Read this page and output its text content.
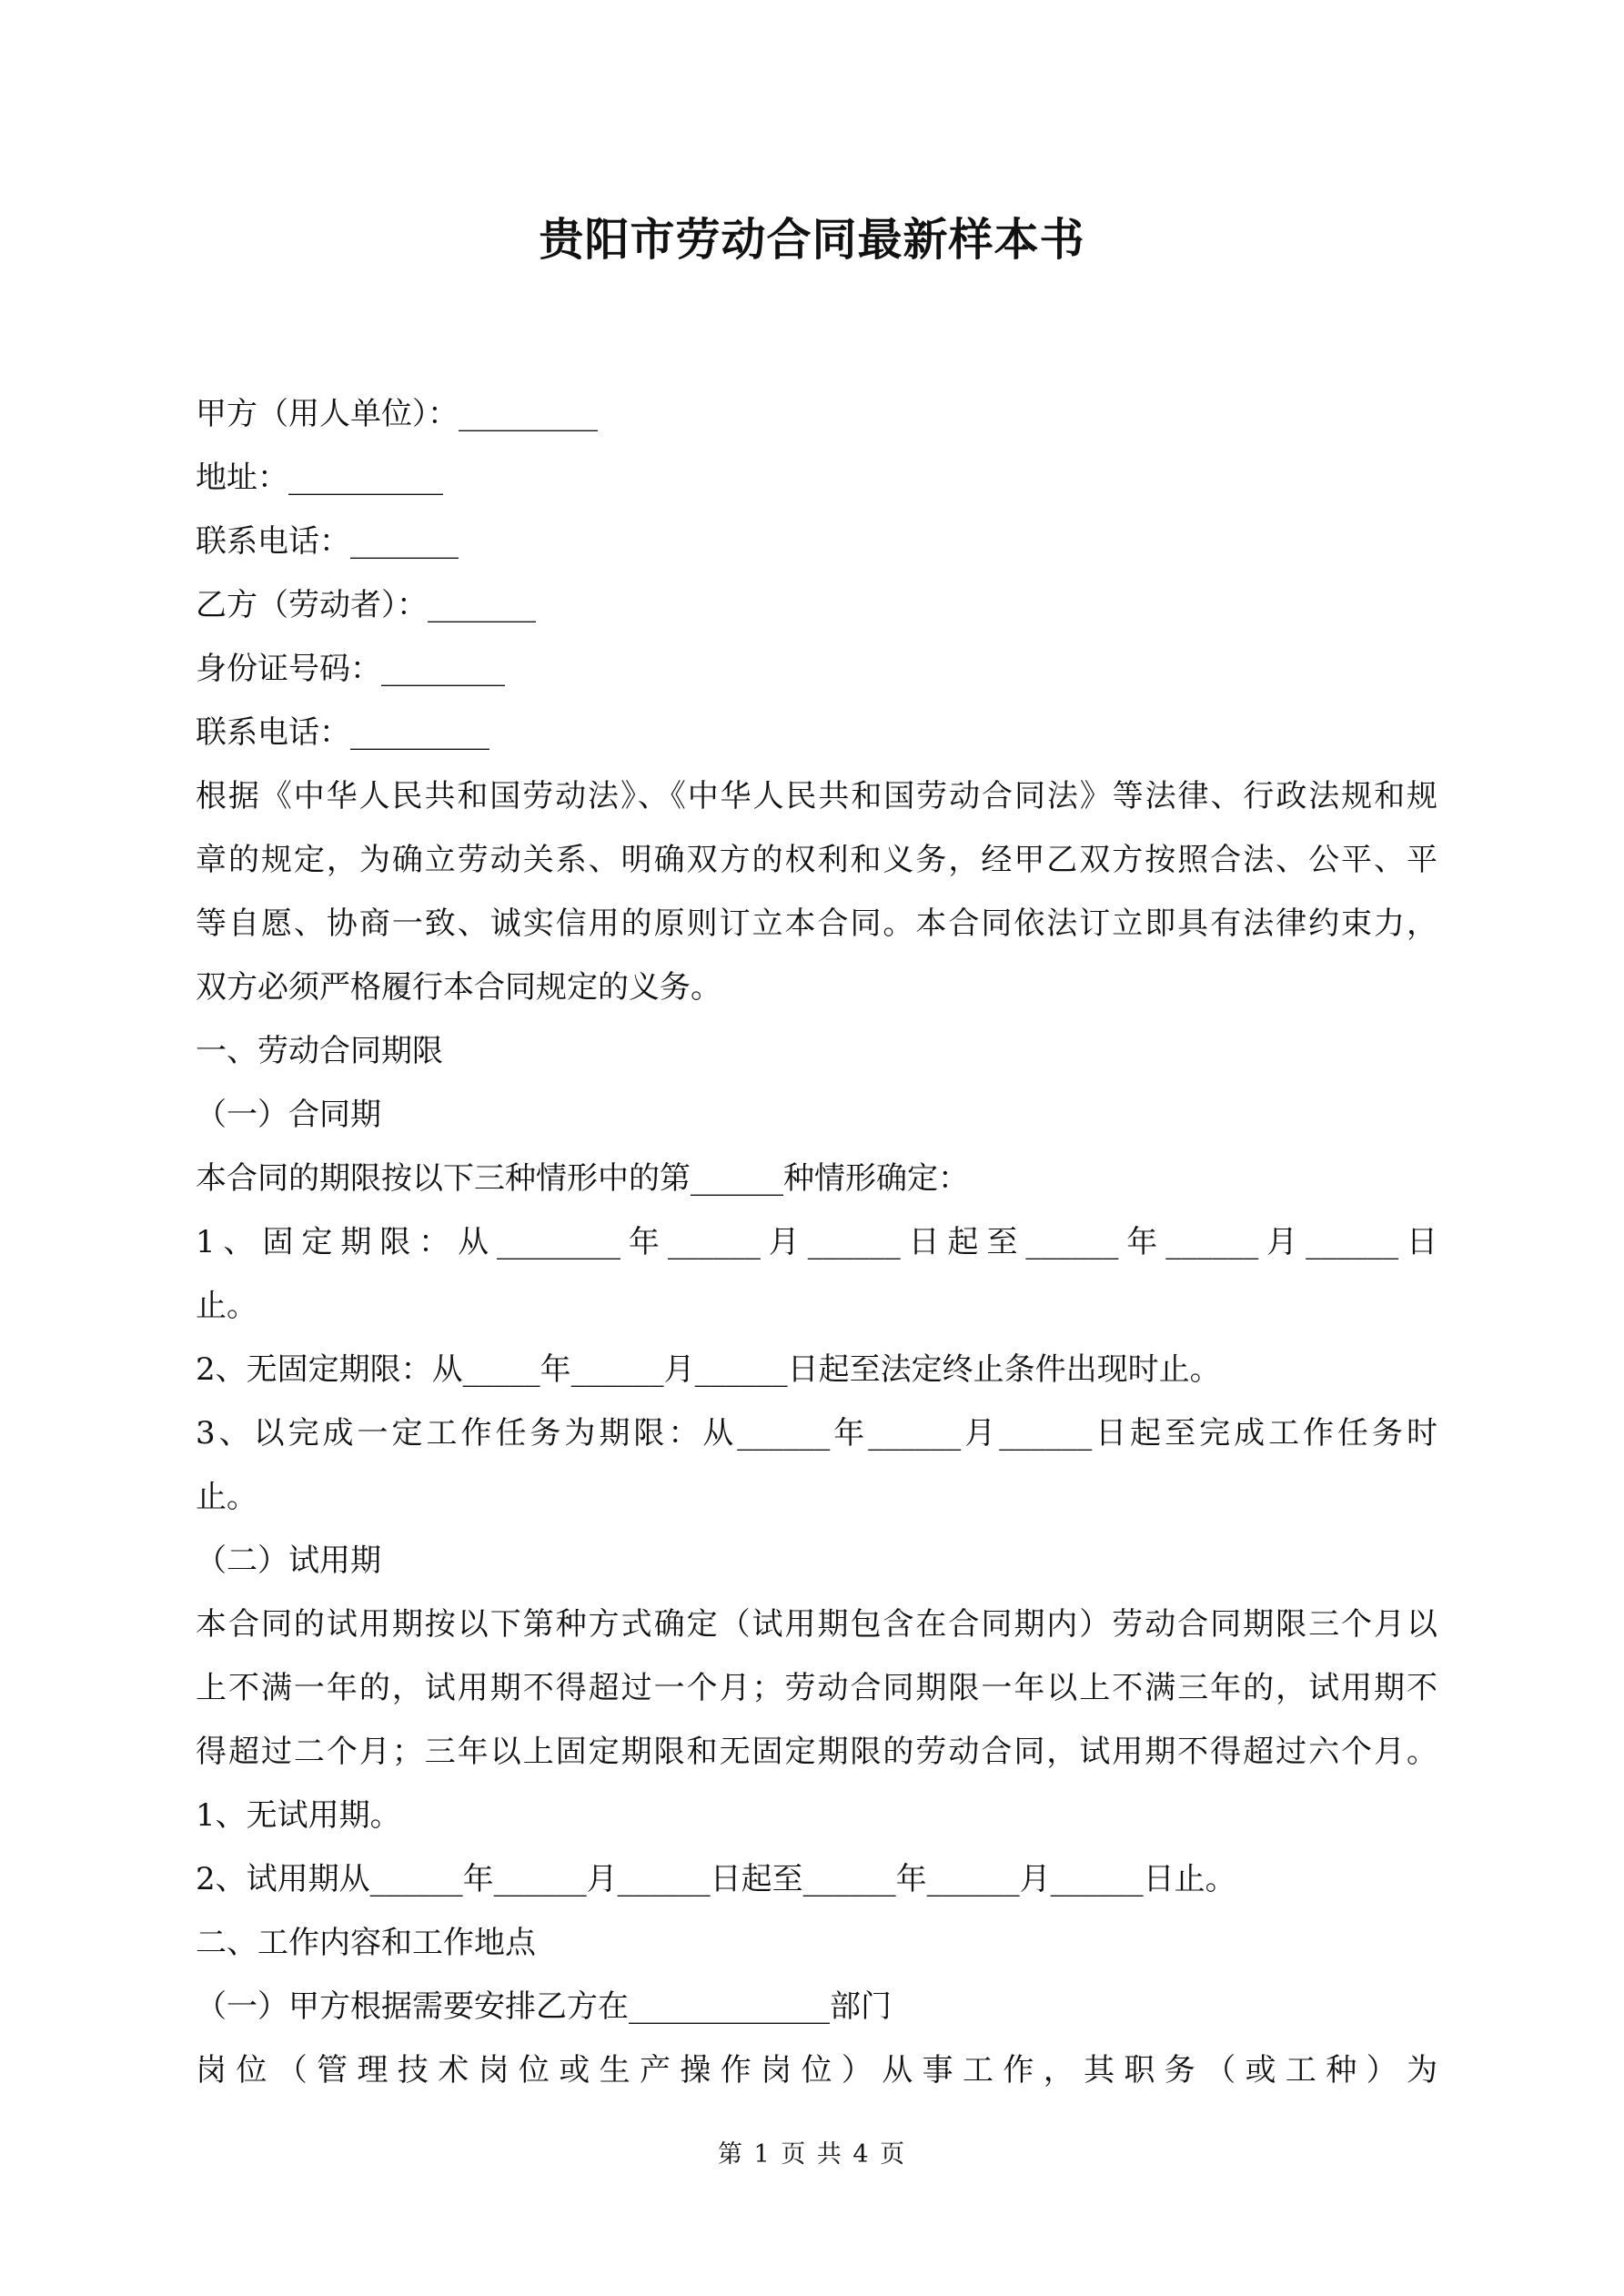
贵阳市劳动合同最新样本书
甲方（用人单位）：_________
地址：__________
联系电话：_______
乙方（劳动者）：_______
身份证号码：________
联系电话：_________
根据《中华人民共和国劳动法》、《中华人民共和国劳动合同法》等法律、行政法规和规
章的规定，为确立劳动关系、明确双方的权利和义务，经甲乙双方按照合法、公平、平
等自愿、协商一致、诚实信用的原则订立本合同。本合同依法订立即具有法律约束力，
双方必须严格履行本合同规定的义务。
一、劳动合同期限
（一）合同期
本合同的期限按以下三种情形中的第______种情形确定：
1、固定期限：从________年______月______日起至______年______月______日
止。
2、无固定期限：从_____年______月______日起至法定终止条件出现时止。
3、以完成一定工作任务为期限：从______年______月______日起至完成工作任务时
止。
（二）试用期
本合同的试用期按以下第种方式确定（试用期包含在合同期内）劳动合同期限三个月以
上不满一年的，试用期不得超过一个月；劳动合同期限一年以上不满三年的，试用期不
得超过二个月；三年以上固定期限和无固定期限的劳动合同，试用期不得超过六个月。
1、无试用期。
2、试用期从______年______月______日起至______年______月______日止。
二、工作内容和工作地点
（一）甲方根据需要安排乙方在_____________部门
岗位（管理技术岗位或生产操作岗位）从事工作，其职务（或工种）为
第 1 页 共 4 页
